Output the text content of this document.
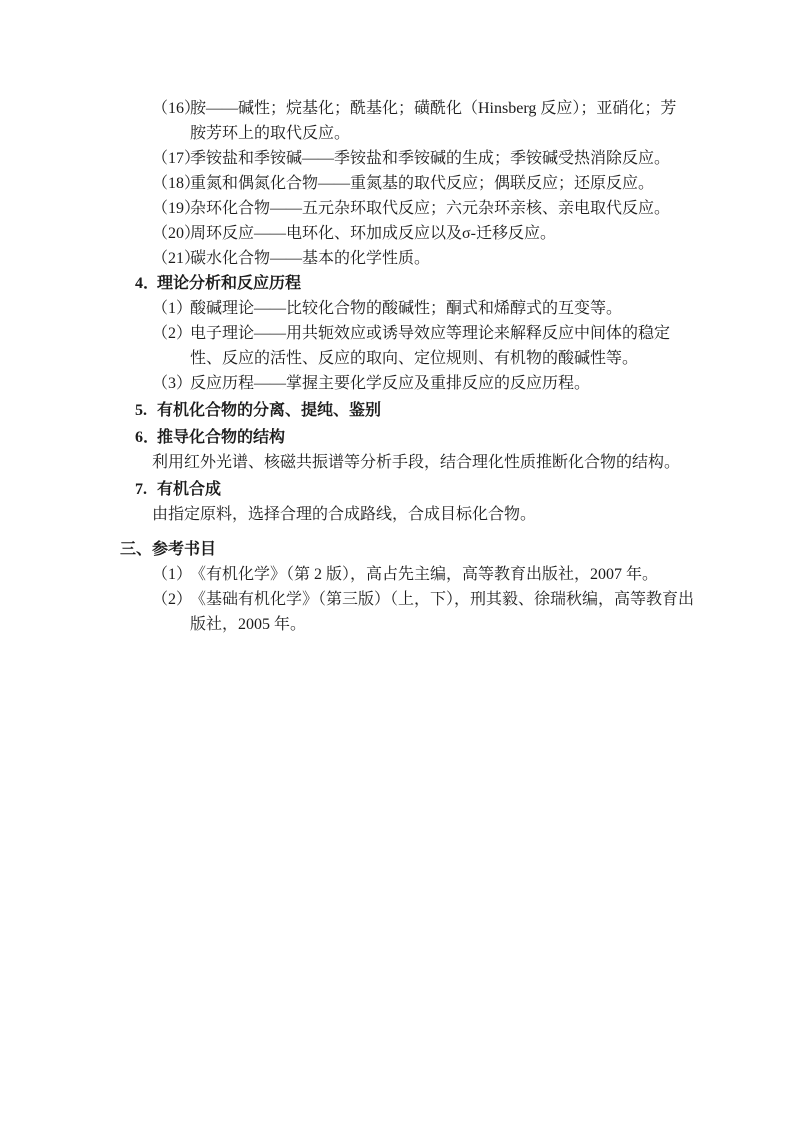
（16）胺——碱性；烷基化；酰基化；磺酰化（Hinsberg 反应）；亚硝化；芳胺芳环上的取代反应。
（17）季铵盐和季铵碱——季铵盐和季铵碱的生成；季铵碱受热消除反应。
（18）重氮和偶氮化合物——重氮基的取代反应；偶联反应；还原反应。
（19）杂环化合物——五元杂环取代反应；六元杂环亲核、亲电取代反应。
（20）周环反应——电环化、环加成反应以及σ-迁移反应。
（21）碳水化合物——基本的化学性质。
4．理论分析和反应历程
（1）酸碱理论——比较化合物的酸碱性；酮式和烯醇式的互变等。
（2）电子理论——用共轭效应或诱导效应等理论来解释反应中间体的稳定性、反应的活性、反应的取向、定位规则、有机物的酸碱性等。
（3）反应历程——掌握主要化学反应及重排反应的反应历程。
5. 有机化合物的分离、提纯、鉴别
6．推导化合物的结构
利用红外光谱、核磁共振谱等分析手段，结合理化性质推断化合物的结构。
7. 有机合成
由指定原料，选择合理的合成路线，合成目标化合物。
三、参考书目
（1）《有机化学》（第 2 版），高占先主编，高等教育出版社，2007 年。
（2）《基础有机化学》（第三版）（上，下），刑其毅、徐瑞秋编，高等教育出版社，2005 年。
